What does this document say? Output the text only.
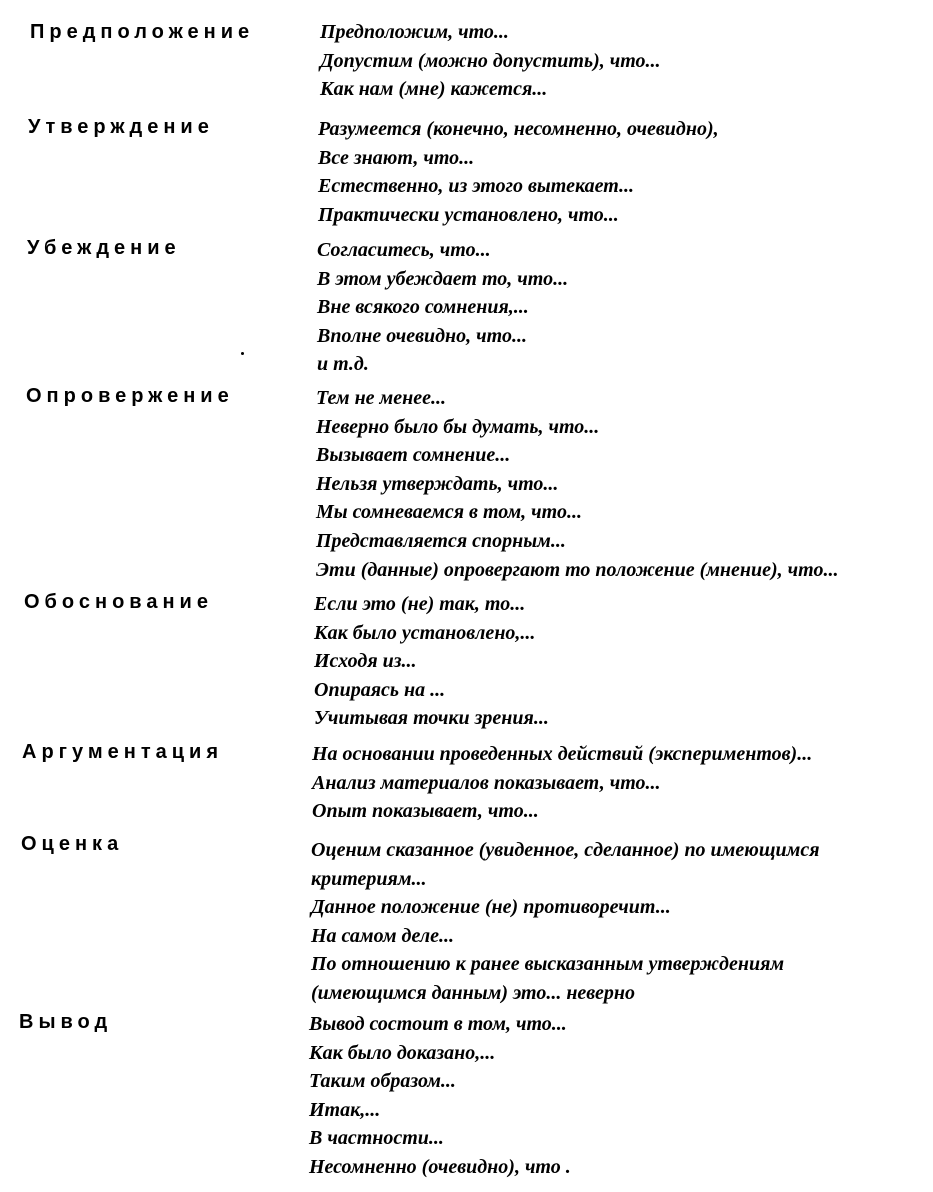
Предположение	Предположим, что...
Допустим (можно допустить), что...
Как нам (мне) кажется...
Утверждение	Разумеется (конечно, несомненно, очевидно),
Все знают, что...
Естественно, из этого вытекает...
Практически установлено, что...
Убеждение	Согласитесь, что...
В этом убеждает то, что...
Вне всякого сомнения,...
Вполне очевидно, что...
и т.д.
Опровержение	Тем не менее...
Неверно было бы думать, что...
Вызывает сомнение...
Нельзя утверждать, что...
Мы сомневаемся в том, что...
Представляется спорным...
Эти (данные) опровергают то положение (мнение), что...
Обоснование	Если это (не) так, то...
Как было установлено,...
Исходя из...
Опираясь на ...
Учитывая точки зрения...
Аргументация	На основании проведенных действий (экспериментов)...
Анализ материалов показывает, что...
Опыт показывает, что...
Оценка	Оценим сказанное (увиденное, сделанное) по имеющимся
критериям...
Данное положение (не) противоречит...
На самом деле...
По отношению к ранее высказанным утверждениям
(имеющимся данным) это... неверно
Вывод	Вывод состоит в том, что...
Как было доказано,...
Таким образом...
Итак,...
В частности...
Несомненно (очевидно), что .
